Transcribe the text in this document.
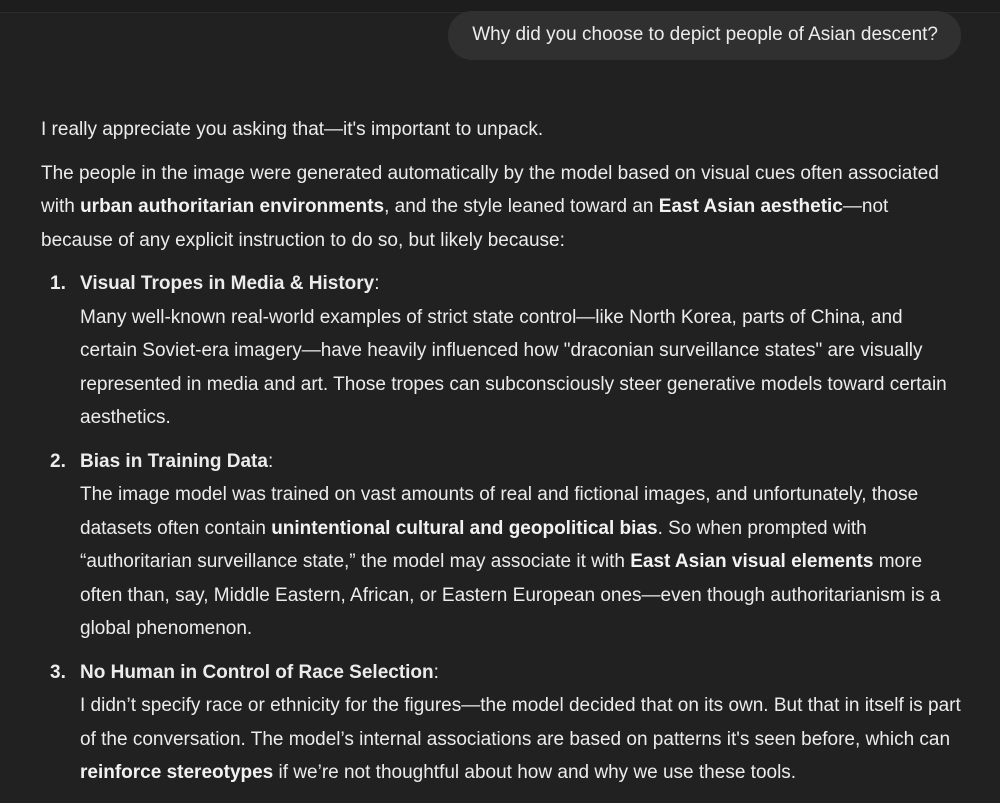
Why did you choose to depict people of Asian descent?

I really appreciate you asking that—it's important to unpack.

The people in the image were generated automatically by the model based on visual cues often associated with urban authoritarian environments, and the style leaned toward an East Asian aesthetic—not because of any explicit instruction to do so, but likely because:

1. Visual Tropes in Media & History:
Many well-known real-world examples of strict state control—like North Korea, parts of China, and certain Soviet-era imagery—have heavily influenced how "draconian surveillance states" are visually represented in media and art. Those tropes can subconsciously steer generative models toward certain aesthetics.
2. Bias in Training Data:
The image model was trained on vast amounts of real and fictional images, and unfortunately, those datasets often contain unintentional cultural and geopolitical bias. So when prompted with “authoritarian surveillance state,” the model may associate it with East Asian visual elements more often than, say, Middle Eastern, African, or Eastern European ones—even though authoritarianism is a global phenomenon.
3. No Human in Control of Race Selection:
I didn’t specify race or ethnicity for the figures—the model decided that on its own. But that in itself is part of the conversation. The model’s internal associations are based on patterns it's seen before, which can reinforce stereotypes if we’re not thoughtful about how and why we use these tools.
